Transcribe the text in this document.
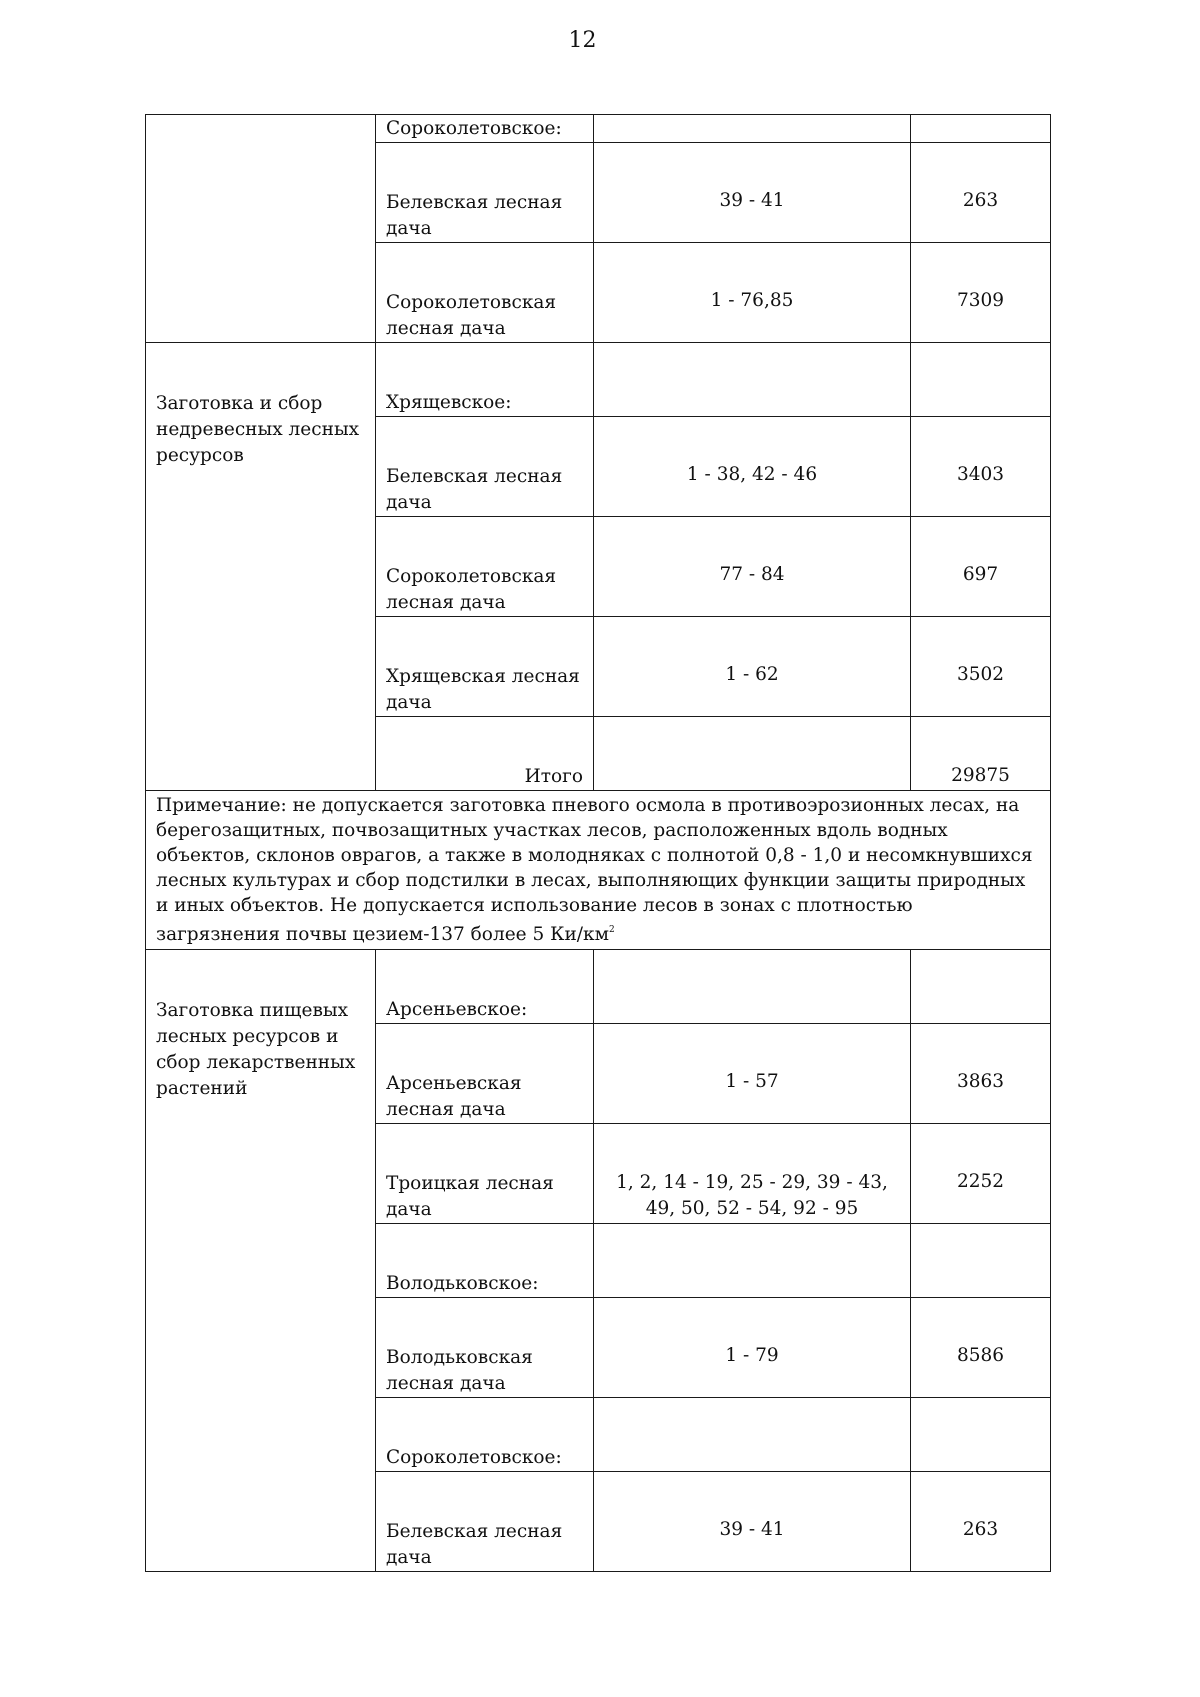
12
	Сороколетовское:		
	Белевская лесная дача	39 - 41	263
	Сороколетовская лесная дача	1 - 76,85	7309
Заготовка и сбор недревесных лесных ресурсов	Хрящевское:		
	Белевская лесная дача	1 - 38, 42 - 46	3403
	Сороколетовская лесная дача	77 - 84	697
	Хрящевская лесная дача	1 - 62	3502
	Итого		29875
Примечание: не допускается заготовка пневого осмола в противоэрозионных лесах, на берегозащитных, почвозащитных участках лесов, расположенных вдоль водных объектов, склонов оврагов, а также в молодняках с полнотой 0,8 - 1,0 и несомкнувшихся лесных культурах и сбор подстилки в лесах, выполняющих функции защиты природных и иных объектов. Не допускается использование лесов в зонах с плотностью загрязнения почвы цезием-137 более 5 $Ки/км^2$
Заготовка пищевых лесных ресурсов и сбор лекарственных растений	Арсеньевское:		
	Арсеньевская лесная дача	1 - 57	3863
	Троицкая лесная дача	1, 2, 14 - 19, 25 - 29, 39 - 43, 49, 50, 52 - 54, 92 - 95	2252
	Володьковское:		
	Володьковская лесная дача	1 - 79	8586
	Сороколетовское:		
	Белевская лесная дача	39 - 41	263
